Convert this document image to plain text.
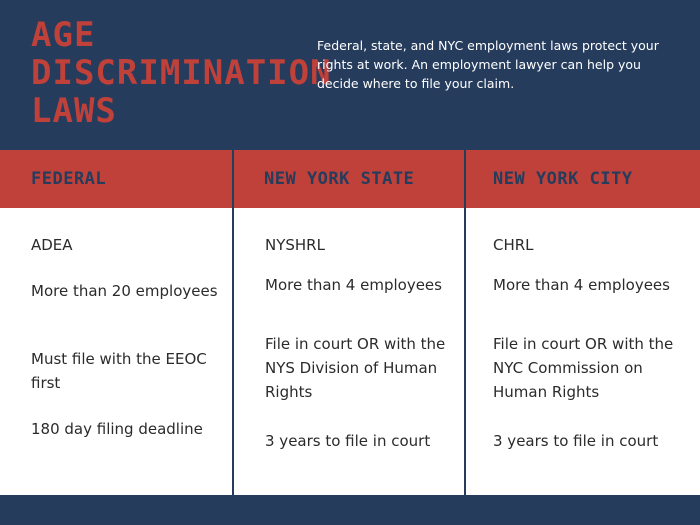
AGE DISCRIMINATION LAWS

Federal, state, and NYC employment laws protect your rights at work. An employment lawyer can help you decide where to file your claim.

FEDERAL	NEW YORK STATE	NEW YORK CITY

ADEA

More than 20 employees

Must file with the EEOC first

180 day filing deadline

NYSHRL

More than 4 employees

File in court OR with the NYS Division of Human Rights

3 years to file in court

CHRL

More than 4 employees

File in court OR with the NYC Commission on Human Rights

3 years to file in court
